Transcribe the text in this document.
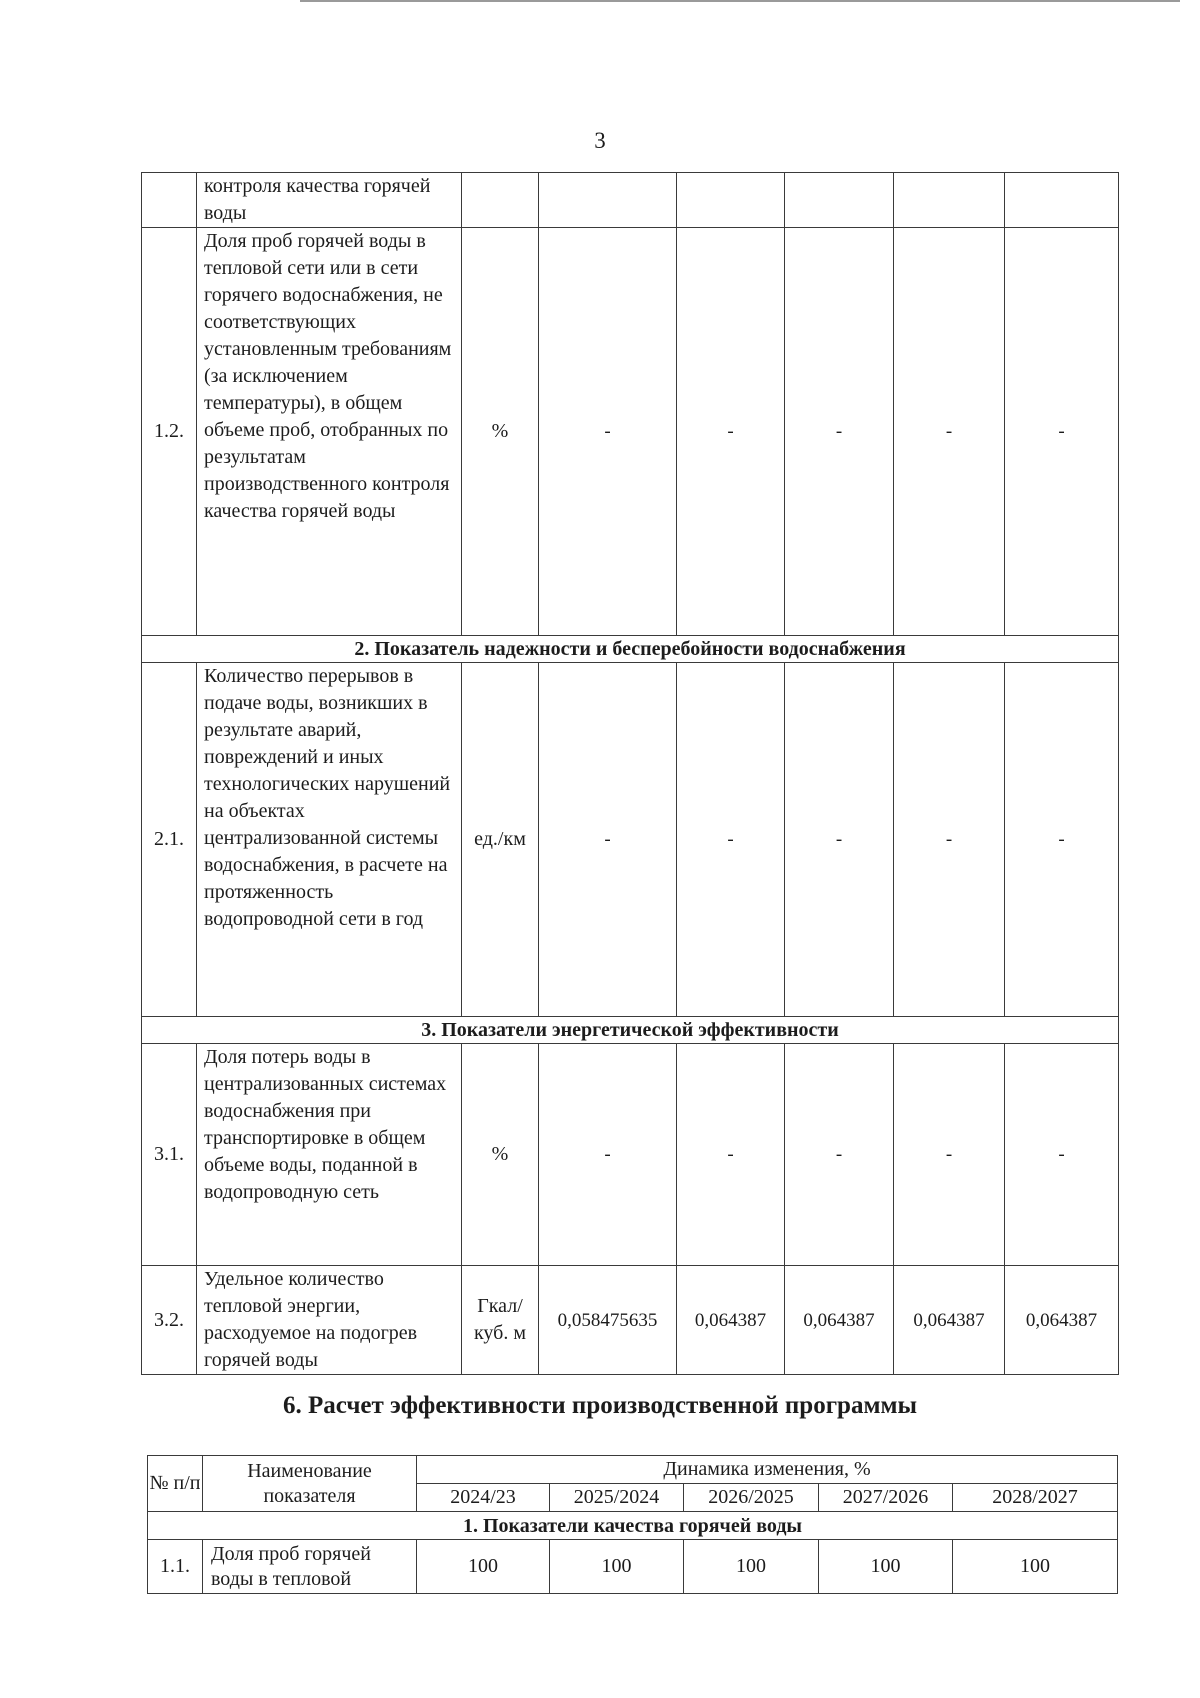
3
	контроля качества горячей воды						
1.2.	Доля проб горячей воды в тепловой сети или в сети горячего водоснабжения, не соответствующих установленным требованиям (за исключением температуры), в общем объеме проб, отобранных по результатам производственного контроля качества горячей воды	%	-	-	-	-	-
2. Показатель надежности и бесперебойности водоснабжения							
2.1.	Количество перерывов в подаче воды, возникших в результате аварий, повреждений и иных технологических нарушений на объектах централизованной системы водоснабжения, в расчете на протяженность водопроводной сети в год	ед./км	-	-	-	-	-
3. Показатели энергетической эффективности							
3.1.	Доля потерь воды в централизованных системах водоснабжения при транспортировке в общем объеме воды, поданной в водопроводную сеть	%	-	-	-	-	-
3.2.	Удельное количество тепловой энергии, расходуемое на подогрев горячей воды	Гкал/куб. м	0,058475635	0,064387	0,064387	0,064387	0,064387
6. Расчет эффективности производственной программы
№ п/п	Наименование показателя	Динамика изменения, %				
		2024/23	2025/2024	2026/2025	2027/2026	2028/2027
1. Показатели качества горячей воды						
1.1.	Доля проб горячей воды в тепловой	100	100	100	100	100
